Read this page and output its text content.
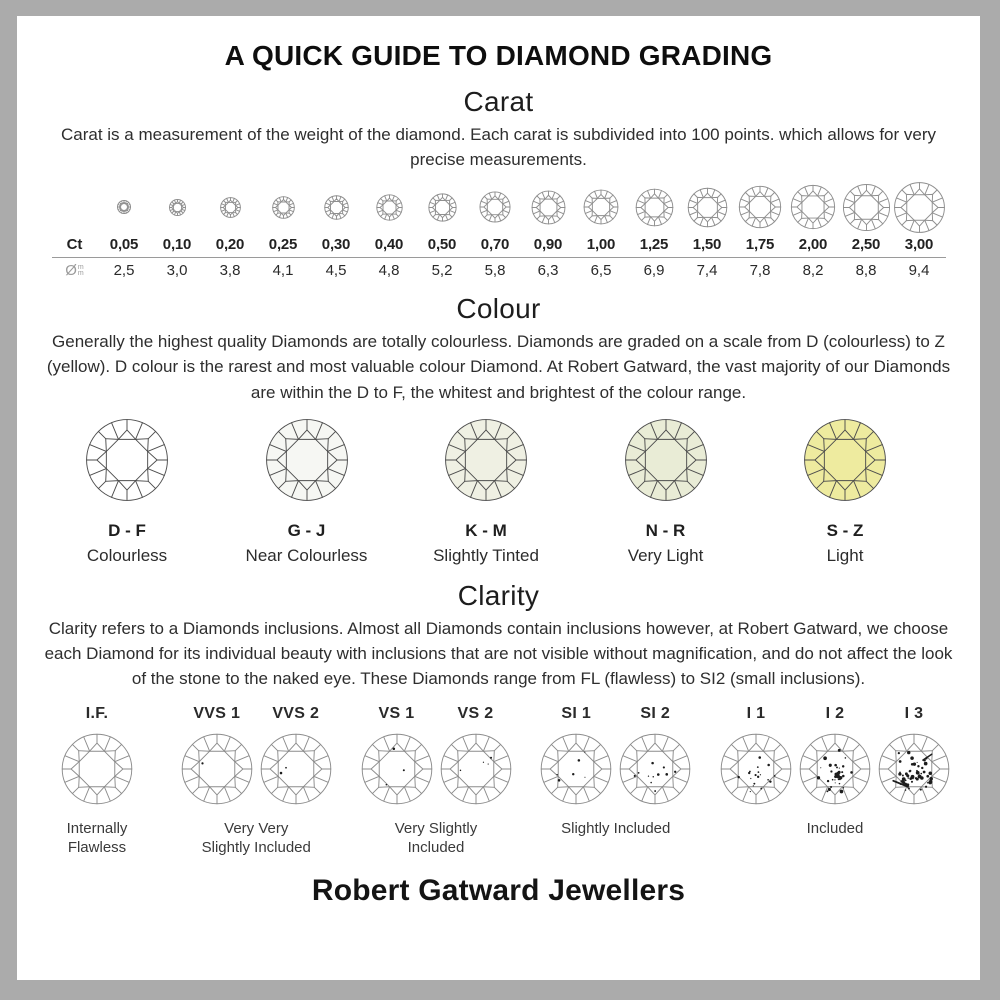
A QUICK GUIDE TO DIAMOND GRADING
Carat

Carat is a measurement of the weight of the diamond. Each carat is subdivided into 100 points. which allows for very precise measurements.

Ct	0,05	0,10	0,20	0,25	0,30	0,40	0,50	0,70	0,90	1,00	1,25	1,50	1,75	2,00	2,50	3,00
Ø m
m	2,5	3,0	3,8	4,1	4,5	4,8	5,2	5,8	6,3	6,5	6,9	7,4	7,8	8,2	8,8	9,4
Colour

Generally the highest quality Diamonds are totally colourless. Diamonds are graded on a scale from D (colourless) to Z (yellow). D colour is the rarest and most valuable colour Diamond. At Robert Gatward, the vast majority of our Diamonds are within the D to F, the whitest and brightest of the colour range.

D - F
Colourless
G - J
Near Colourless
K - M
Slightly Tinted
N - R
Very Light
S - Z
Light
Clarity

Clarity refers to a Diamonds inclusions. Almost all Diamonds contain inclusions however, at Robert Gatward, we choose each Diamond for its individual beauty with inclusions that are not visible without magnification, and do not affect the look of the stone to the naked eye. These Diamonds range from FL (flawless) to SI2 (small inclusions).

I.F.
Internally Flawless
VVS 1 VVS 2
Very Very Slightly Included
VS 1	VS 2
Very Slightly Included
SI 1	SI 2
Slightly Included
I 1	I 2	I 3
Included
Robert Gatward Jewellers
